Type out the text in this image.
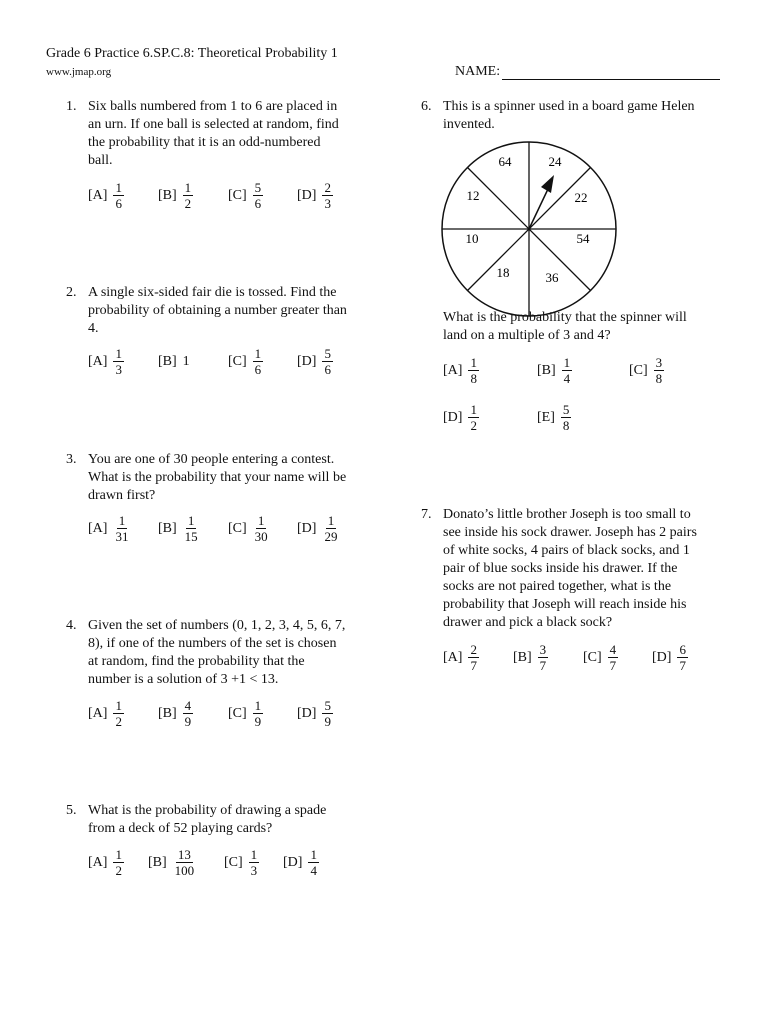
Grade 6 Practice 6.SP.C.8: Theoretical Probability 1
www.jmap.org	NAME:
1. Six balls numbered from 1 to 6 are placed in
an urn. If one ball is selected at random, find
the probability that it is an odd-numbered
ball.
$[A] \frac{1}{6} [B] \frac{1}{2} [C] \frac{5}{6} [D] \frac{2}{3}$
2. A single six-sided fair die is tossed. Find the
probability of obtaining a number greater than
4.
$[A] \frac{1}{3} [B]$ 1	$[C] \frac{1}{6} [D] \frac{5}{6}$
3. You are one of 30 people entering a contest.
What is the probability that your name will be
drawn first?
$[A] \frac{1}{31} [B] \frac{1}{15} [C] \frac{1}{30} [D] \frac{1}{29}$
4. Given the set of numbers (0, 1, 2, 3, 4, 5, 6, 7,
8), if one of the numbers of the set is chosen
at random, find the probability that the
number is a solution of 3 +1 < 13.
$[A] \frac{1}{2} [B] \frac{4}{9} [C] \frac{1}{9} [D] \frac{5}{9}$
5. What is the probability of drawing a spade
from a deck of 52 playing cards?
$[A] \frac{1}{2} [B] \frac{13}{100} [C] \frac{1}{3} [D] \frac{1}{4}$
6. This is a spinner used in a board game Helen
invented.
24
22
54
36
18
10
12
64
What is the probability that the spinner will
land on a multiple of 3 and 4?
$[A] \frac{1}{8}$	$[B] \frac{1}{4}$	$[C] \frac{3}{8}$
$[D] \frac{1}{2}$	$[E] \frac{5}{8}$
7. Donato’s little brother Joseph is too small to
see inside his sock drawer. Joseph has 2 pairs
of white socks, 4 pairs of black socks, and 1
pair of blue socks inside his drawer. If the
socks are not paired together, what is the
probability that Joseph will reach inside his
drawer and pick a black sock?
$[A] \frac{2}{7} [B] \frac{3}{7} [C] \frac{4}{7} [D] \frac{6}{7}$
